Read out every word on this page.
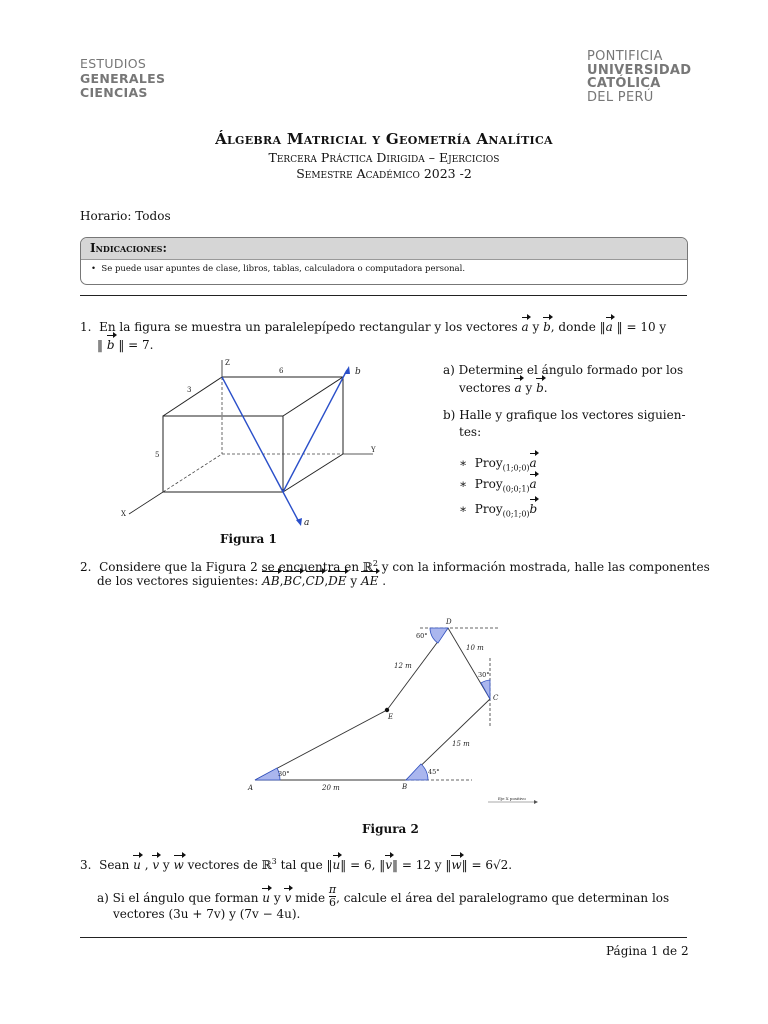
ESTUDIOS
GENERALES
CIENCIAS
PONTIFICIA
UNIVERSIDAD
CATÓLICA
DEL PERÚ
Álgebra Matricial y Geometría Analítica
Tercera Práctica Dirigida – Ejercicios
Semestre Académico 2023 -2
Horario: Todos
Indicaciones:
•  Se puede usar apuntes de clase, libros, tablas, calculadora o computadora personal.
1. En la figura se muestra un paralelepípedo rectangular y los vectores a y b, donde ‖a ‖ = 10 y
‖ b ‖ = 7.
Z
Y
X
6
3
5
b
a
Figura 1
a) Determine el ángulo formado por los
vectores a y b.
b) Halle y grafique los vectores siguien-
tes:
∗  Proy$_{(1;0;0)}$a
∗  Proy$_{(0;0;1)}$a
∗  Proy$_{(0;1;0)}$b
2. Considere que la Figura 2 se encuentra en ℝ$^2$ y con la información mostrada, halle las componentes
de los vectores siguientes: AB,BC,CD,DE y AE .
D
C
E
A	B
12 m
10 m
15 m
20 m
60°
30°
30°	45°
Eje X positivo
Figura 2
3. Sean u , v y w vectores de ℝ$^3$ tal que ‖u‖ = 6, ‖v‖ = 12 y ‖w‖ = 6√2.
a) Si el ángulo que forman u y v mide $\frac{\pi}{6}$ , calcule el área del paralelogramo que determinan los
vectores (3u + 7v) y (7v − 4u).
Página 1 de 2
